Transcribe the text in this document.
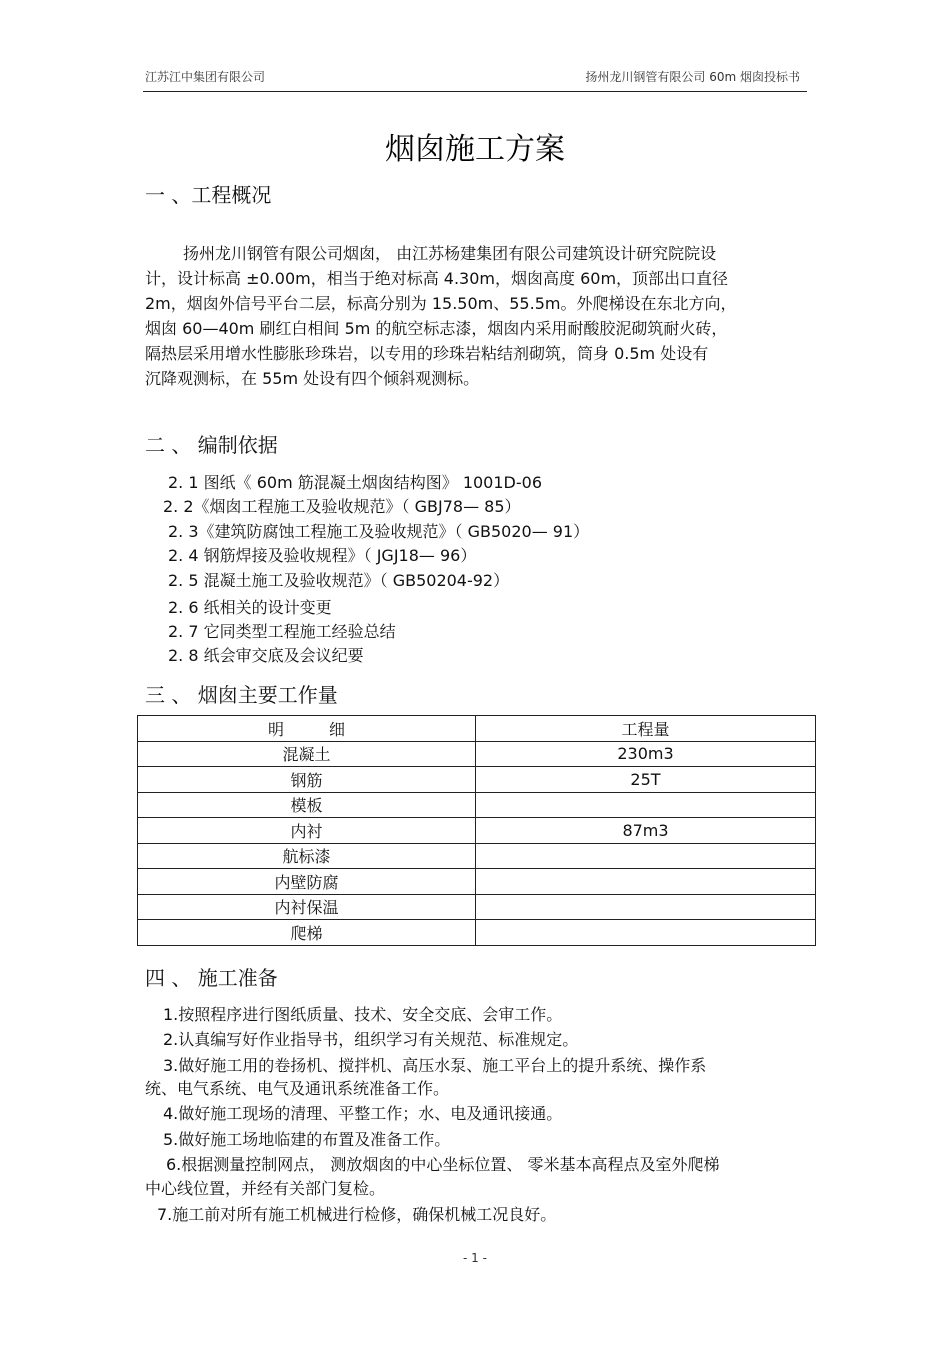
江苏江中集团有限公司	扬州龙川钢管有限公司 60m 烟囱投标书
烟囱施工方案
一 、工程概况
扬州龙川钢管有限公司烟囱， 由江苏杨建集团有限公司建筑设计研究院院设
计，设计标高 ±0.00m，相当于绝对标高 4.30m，烟囱高度 60m，顶部出口直径
2m，烟囱外信号平台二层，标高分别为 15.50m、55.5m。外爬梯设在东北方向，
烟囱 60—40m 刷红白相间 5m 的航空标志漆，烟囱内采用耐酸胶泥砌筑耐火砖，
隔热层采用增水性膨胀珍珠岩，以专用的珍珠岩粘结剂砌筑，筒身 0.5m 处设有
沉降观测标，在 55m 处设有四个倾斜观测标。
二 、 编制依据
2. 1 图纸《 60m 筋混凝土烟囱结构图》 1001D-06
2. 2《烟囱工程施工及验收规范》（ GBJ78— 85）
2. 3《建筑防腐蚀工程施工及验收规范》（ GB5020— 91）
2. 4 钢筋焊接及验收规程》（ JGJ18— 96）
2. 5 混凝土施工及验收规范》（ GB50204-92）
2. 6 纸相关的设计变更
2. 7 它同类型工程施工经验总结
2. 8 纸会审交底及会议纪要
三 、 烟囱主要工作量
明 细	工程量
混凝土	230m3
钢筋	25T
模板	
内衬	87m3
航标漆	
内壁防腐	
内衬保温	
爬梯	
四 、 施工准备
1.按照程序进行图纸质量、技术、安全交底、会审工作。
2.认真编写好作业指导书，组织学习有关规范、标准规定。
3.做好施工用的卷扬机、搅拌机、高压水泵、施工平台上的提升系统、操作系
统、电气系统、电气及通讯系统准备工作。
4.做好施工现场的清理、平整工作；水、电及通讯接通。
5.做好施工场地临建的布置及准备工作。
6.根据测量控制网点， 测放烟囱的中心坐标位置、 零米基本高程点及室外爬梯
中心线位置，并经有关部门复检。
7.施工前对所有施工机械进行检修，确保机械工况良好。
- 1 -
